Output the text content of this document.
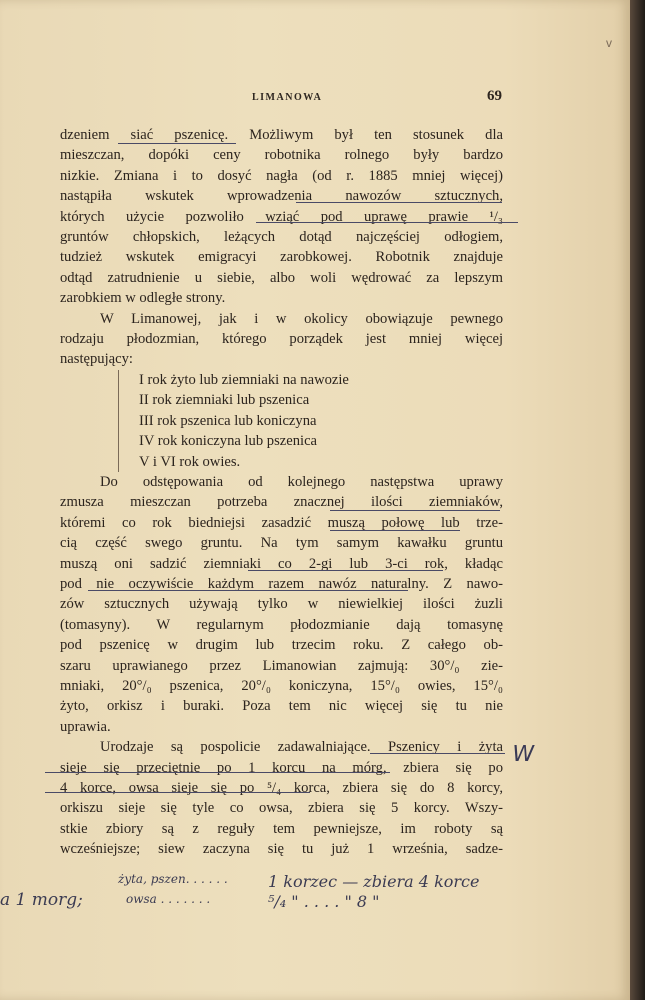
v
LIMANOWA	69
dzeniem siać pszenicę. Możliwym był ten stosunek dla
mieszczan, dopóki ceny robotnika rolnego były bardzo
nizkie. Zmiana i to dosyć nagła (od r. 1885 mniej więcej)
nastąpiła wskutek wprowadzenia nawozów sztucznych,
których użycie pozwoliło wziąć pod uprawę prawie ¹/₃
gruntów chłopskich, leżących dotąd najczęściej odłogiem,
tudzież wskutek emigracyi zarobkowej. Robotnik znajduje
odtąd zatrudnienie u siebie, albo woli wędrować za lepszym
zarobkiem w odległe strony.
W Limanowej, jak i w okolicy obowiązuje pewnego
rodzaju płodozmian, którego porządek jest mniej więcej
następujący:
I rok żyto lub ziemniaki na nawozie
II rok ziemniaki lub pszenica
III rok pszenica lub koniczyna
IV rok koniczyna lub pszenica
V i VI rok owies.
Do odstępowania od kolejnego następstwa uprawy
zmusza mieszczan potrzeba znacznej ilości ziemniaków,
któremi co rok biedniejsi zasadzić muszą połowę lub trze-
cią część swego gruntu. Na tym samym kawałku gruntu
muszą oni sadzić ziemniaki co 2-gi lub 3-ci rok, kładąc
pod nie oczywiście każdym razem nawóz naturalny. Z nawo-
zów sztucznych używają tylko w niewielkiej ilości żuzli
(tomasyny). W regularnym płodozmianie dają tomasynę
pod pszenicę w drugim lub trzecim roku. Z całego ob-
szaru uprawianego przez Limanowian zajmują: 30°/₀ zie-
mniaki, 20°/₀ pszenica, 20°/₀ koniczyna, 15°/₀ owies, 15°/₀
żyto, orkisz i buraki. Poza tem nic więcej się tu nie
uprawia.
Urodzaje są pospolicie zadawalniające. Pszenicy i żyta
sieje się przeciętnie po 1 korcu na mórg, zbiera się po
4 korce, owsa sieje się po ⁵/₄ korca, zbiera się do 8 korcy,
orkiszu sieje się tyle co owsa, zbiera się 5 korcy. Wszy-
stkie zbiory są z reguły tem pewniejsze, im roboty są
wcześniejsze; siew zaczyna się tu już 1 września, sadze-
W
a 1 morg;
żyta, pszen. . . . . .
owsa . . . . . . .
1 korzec — zbiera 4 korce
⁵/₄ " . . . . " 8 "
